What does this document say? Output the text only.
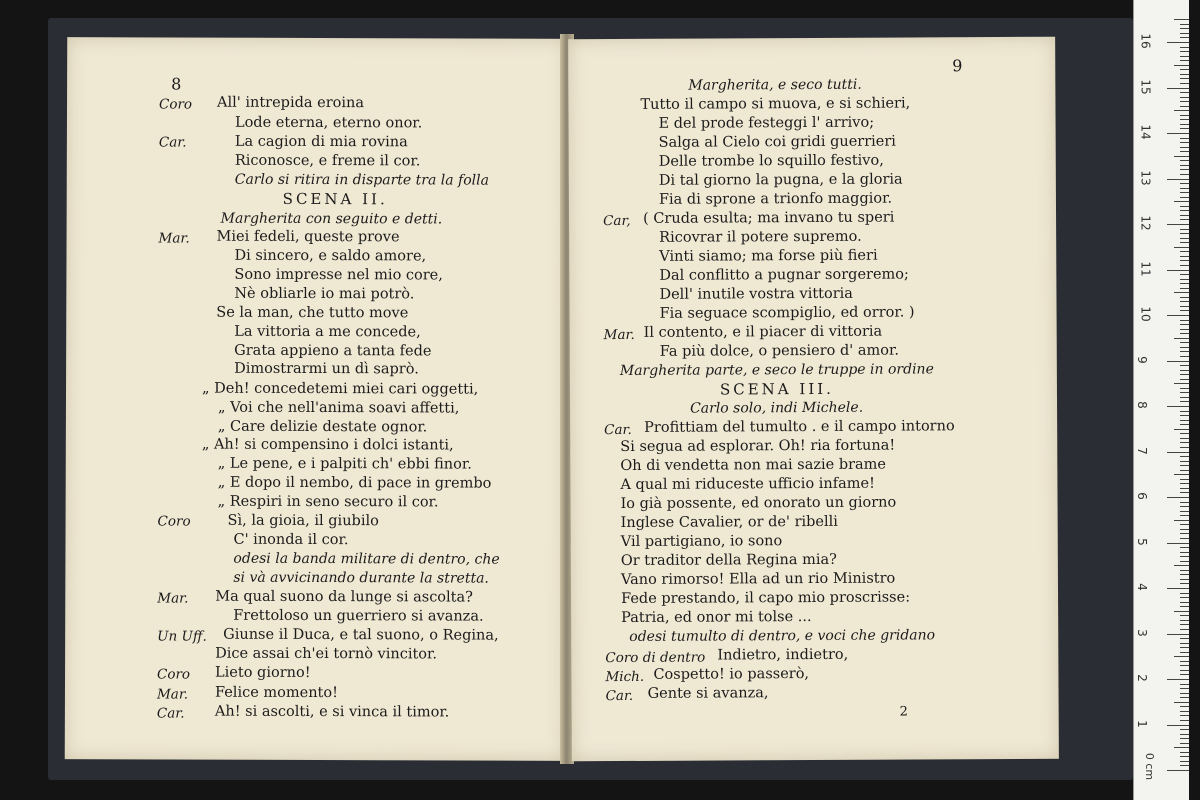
8
Coro All' intrepida eroina
Lode eterna, eterno onor.
Car.	La cagion di mia rovina
Riconosce, e freme il cor.
Carlo si ritira in disparte tra la folla
SCENA II.
Margherita con seguito e detti.
Mar. Miei fedeli, queste prove
Di sincero, e saldo amore,
Sono impresse nel mio core,
Nè obliarle io mai potrò.
Se la man, che tutto move
La vittoria a me concede,
Grata appieno a tanta fede
Dimostrarmi un dì saprò.
„ Deh! concedetemi miei cari oggetti,
„ Voi che nell'anima soavi affetti,
„ Care delizie destate ognor.
„ Ah! si compensino i dolci istanti,
„ Le pene, e i palpiti ch' ebbi finor.
„ E dopo il nembo, di pace in grembo
„ Respiri in seno securo il cor.
Coro	Sì, la gioia, il giubilo
C' inonda il cor.
odesi la banda militare di dentro, che
si và avvicinando durante la stretta.
Mar. Ma qual suono da lunge si ascolta?
Frettoloso un guerriero si avanza.
Un Uff. Giunse il Duca, e tal suono, o Regina,
Dice assai ch'ei tornò vincitor.
Coro Lieto giorno!
Mar. Felice momento!
Car. Ah! si ascolti, e si vinca il timor.
9
Margherita, e seco tutti.
Tutto il campo si muova, e si schieri,
E del prode festeggi l' arrivo;
Salga al Cielo coi gridi guerrieri
Delle trombe lo squillo festivo,
Di tal giorno la pugna, e la gloria
Fia di sprone a trionfo maggior.
Car, ( Cruda esulta; ma invano tu speri
Ricovrar il potere supremo.
Vinti siamo; ma forse più fieri
Dal conflitto a pugnar sorgeremo;
Dell' inutile vostra vittoria
Fia seguace scompiglio, ed orror. )
Mar. Il contento, e il piacer di vittoria
Fa più dolce, o pensiero d' amor.
Margherita parte, e seco le truppe in ordine
SCENA III.
Carlo solo, indi Michele.
Car. Profittiam del tumulto . e il campo intorno
Si segua ad esplorar. Oh! ria fortuna!
Oh di vendetta non mai sazie brame
A qual mi riduceste ufficio infame!
Io già possente, ed onorato un giorno
Inglese Cavalier, or de' ribelli
Vil partigiano, io sono
Or traditor della Regina mia?
Vano rimorso! Ella ad un rio Ministro
Fede prestando, il capo mio proscrisse:
Patria, ed onor mi tolse ...
odesi tumulto di dentro, e voci che gridano
Coro di dentro Indietro, indietro,
Mich. Cospetto! io passerò,
Car. Gente si avanza,
2
0 cm
1
2
3
4
5
6
7
8
9
10
11
12
13
14
15
16
